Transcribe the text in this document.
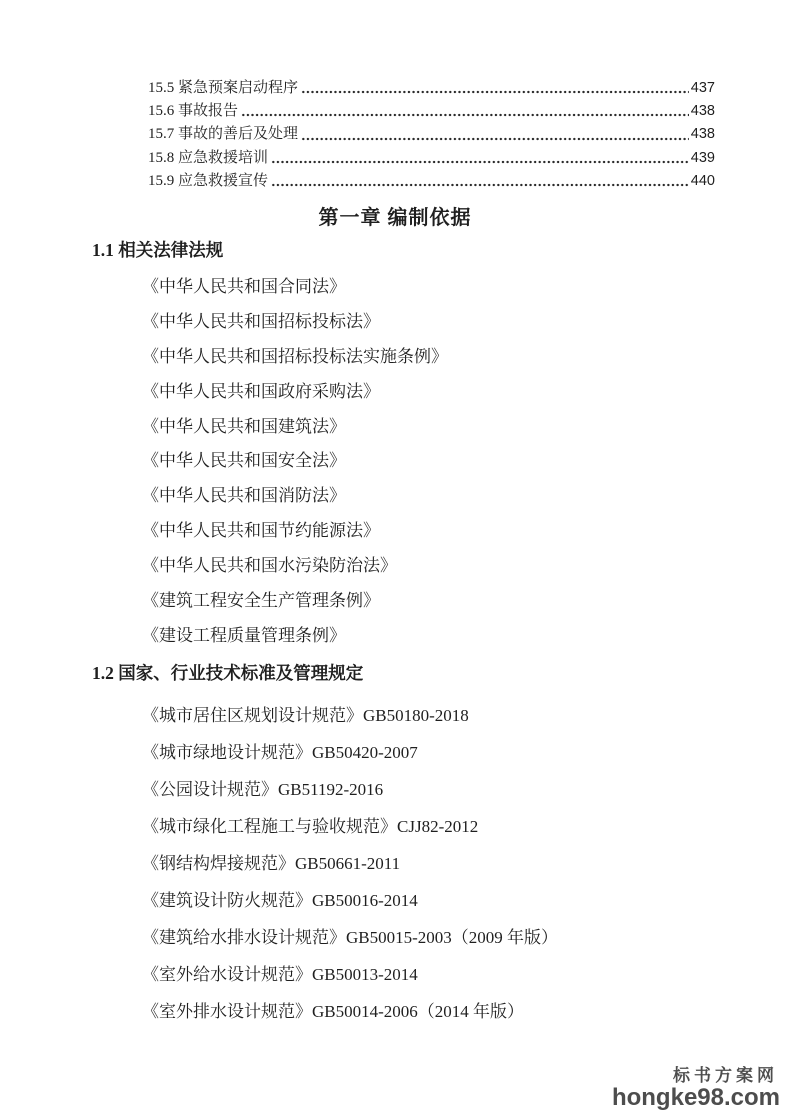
15.5 紧急预案启动程序	437
15.6 事故报告	438
15.7 事故的善后及处理	438
15.8 应急救援培训	439
15.9 应急救援宣传	440
第一章 编制依据
1.1 相关法律法规
《中华人民共和国合同法》
《中华人民共和国招标投标法》
《中华人民共和国招标投标法实施条例》
《中华人民共和国政府采购法》
《中华人民共和国建筑法》
《中华人民共和国安全法》
《中华人民共和国消防法》
《中华人民共和国节约能源法》
《中华人民共和国水污染防治法》
《建筑工程安全生产管理条例》
《建设工程质量管理条例》
1.2 国家、行业技术标准及管理规定
《城市居住区规划设计规范》GB50180-2018
《城市绿地设计规范》GB50420-2007
《公园设计规范》GB51192-2016
《城市绿化工程施工与验收规范》CJJ82-2012
《钢结构焊接规范》GB50661-2011
《建筑设计防火规范》GB50016-2014
《建筑给水排水设计规范》GB50015-2003（2009 年版）
《室外给水设计规范》GB50013-2014
《室外排水设计规范》GB50014-2006（2014 年版）
标书方案网
hongke98.com
